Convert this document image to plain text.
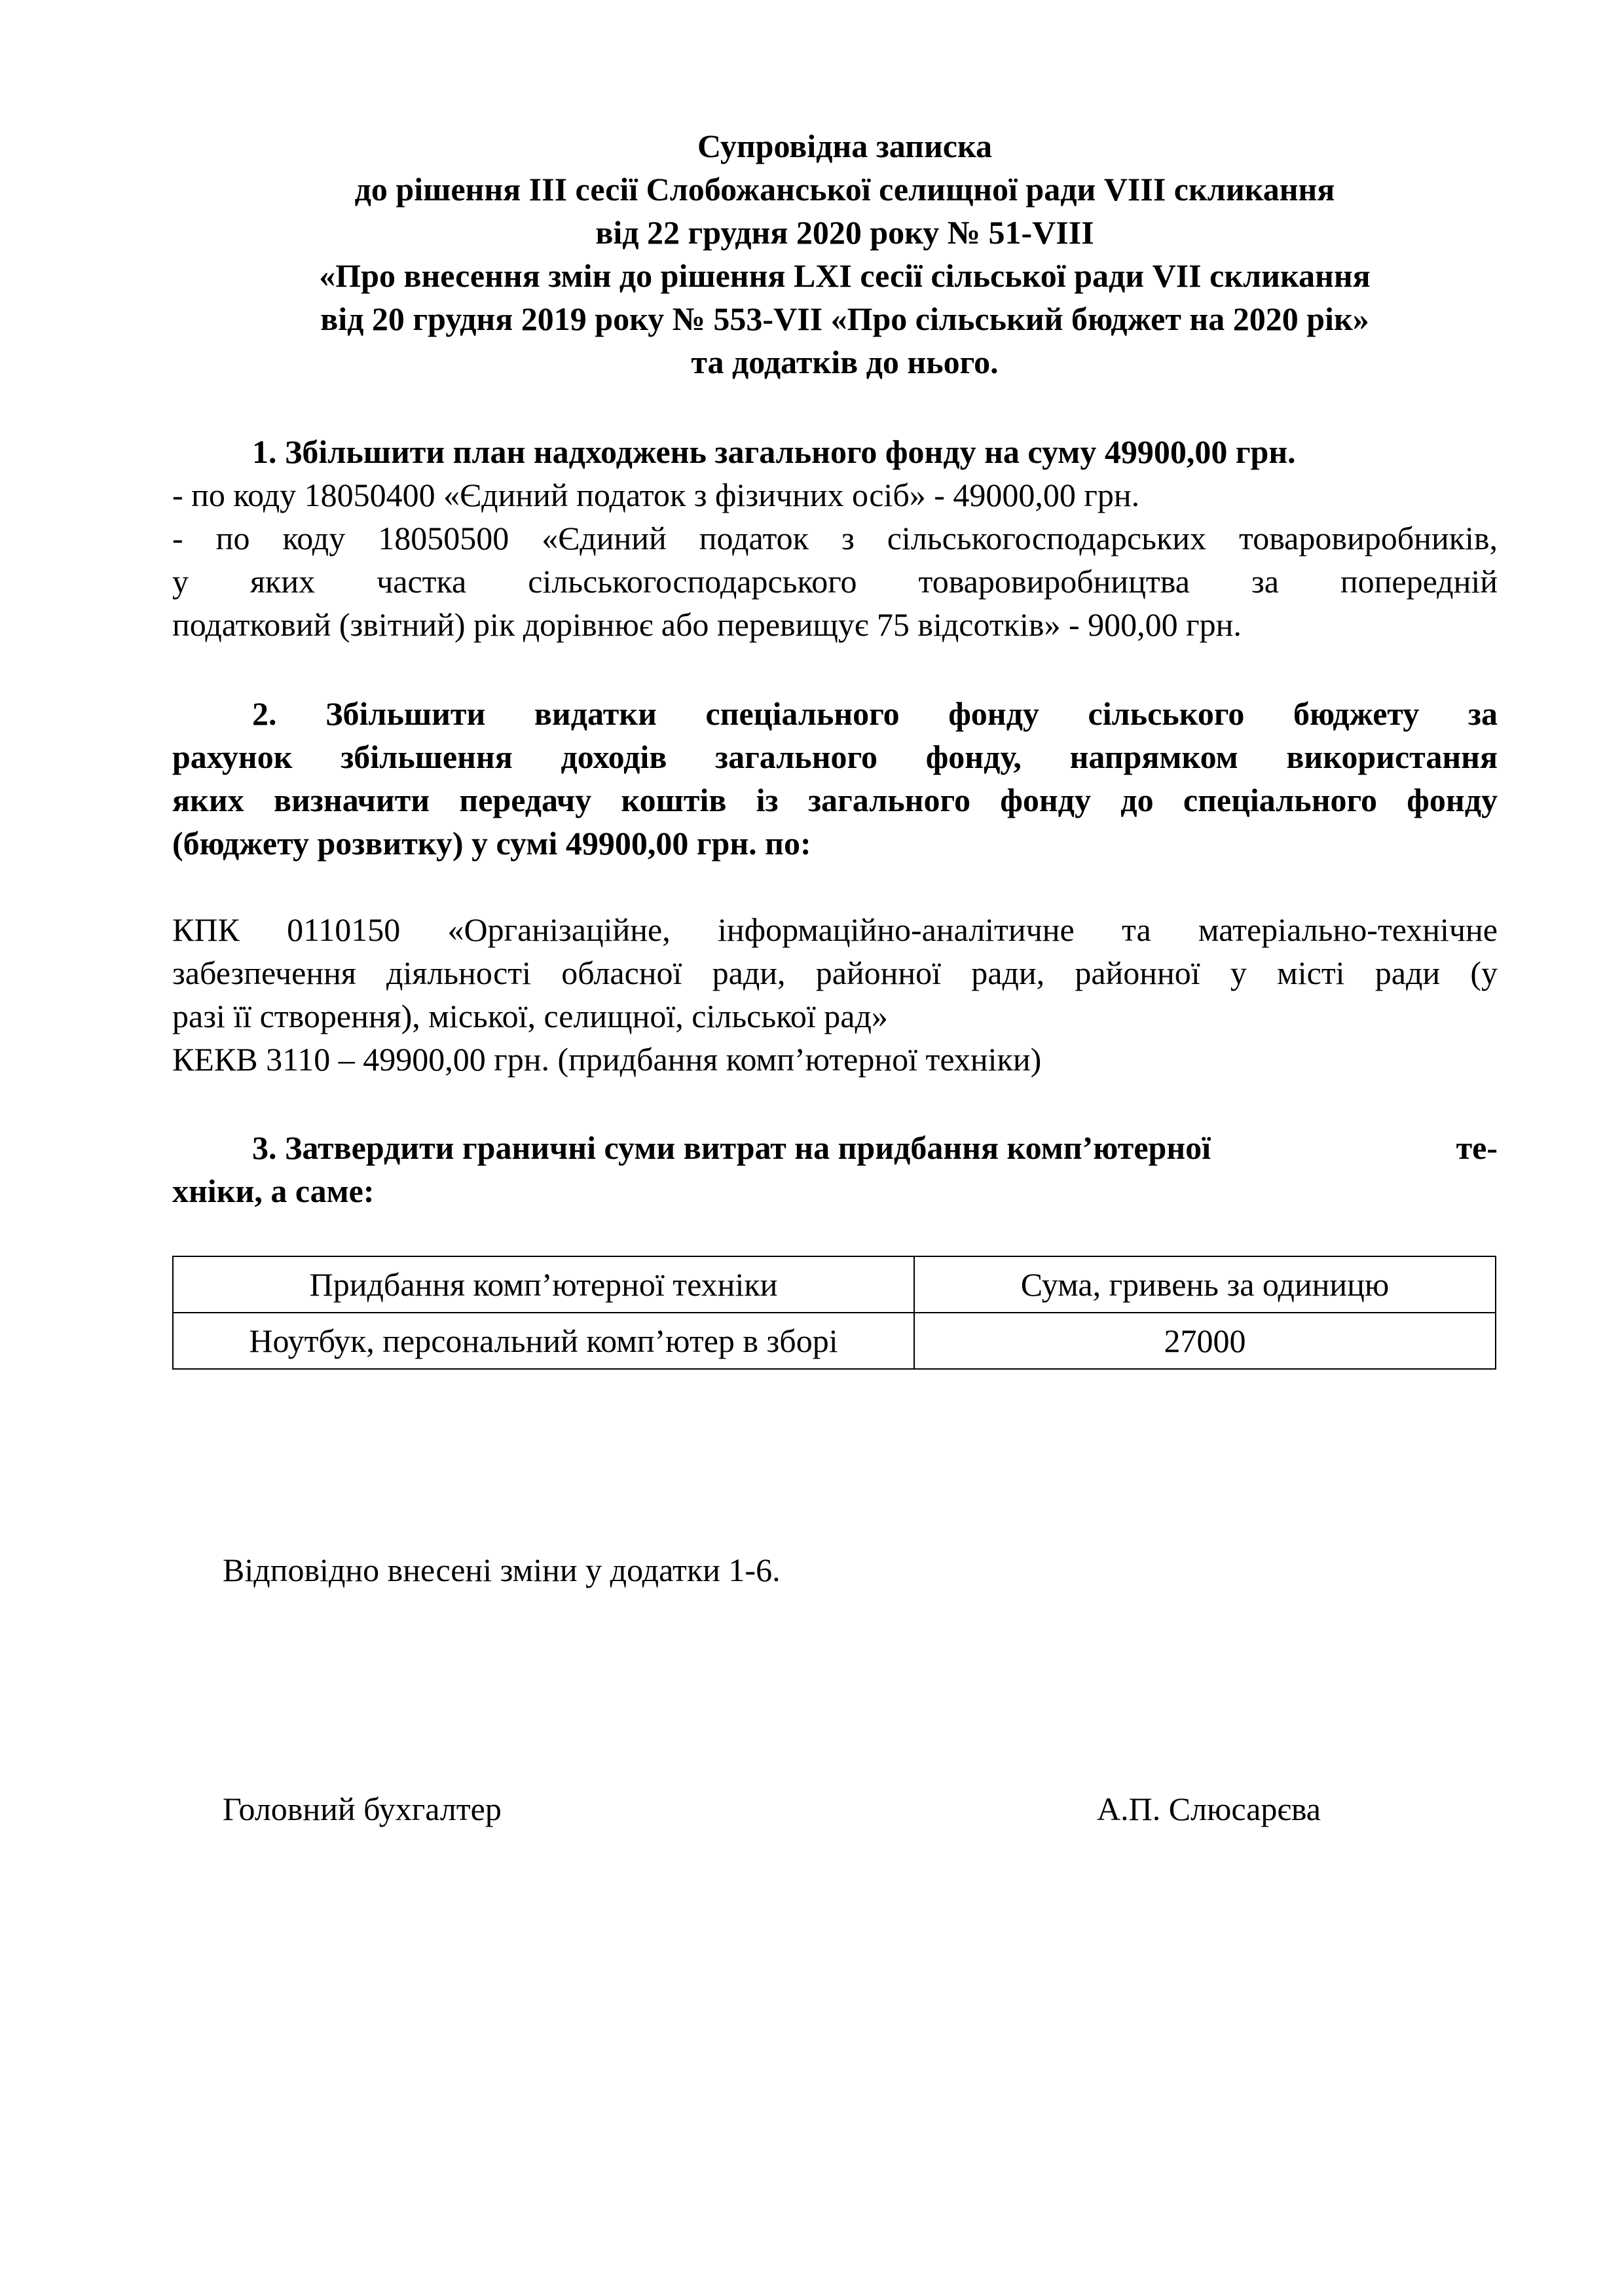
Супровідна записка
до рішення ІІІ сесії Слобожанської селищної ради VIII скликання
від 22 грудня 2020 року № 51-VIII
«Про внесення змін до рішення LXI сесії сільської ради VII скликання
від 20 грудня 2019 року № 553-VII «Про сільський бюджет на 2020 рік»
та додатків до нього.
1. Збільшити план надходжень загального фонду на суму 49900,00 грн.
- по коду 18050400 «Єдиний податок з фізичних осіб» - 49000,00 грн.
- по коду 18050500 «Єдиний податок з сільськогосподарських товаровиробників,
у яких частка сільськогосподарського товаровиробництва за попередній
податковий (звітний) рік дорівнює або перевищує 75 відсотків» - 900,00 грн.
2. Збільшити видатки спеціального фонду сільського бюджету за
рахунок збільшення доходів загального фонду, напрямком використання
яких визначити передачу коштів із загального фонду до спеціального фонду
(бюджету розвитку) у сумі 49900,00 грн. по:
КПК 0110150 «Організаційне, інформаційно-аналітичне та матеріально-технічне
забезпечення діяльності обласної ради, районної ради, районної у місті ради (у
разі її створення), міської, селищної, сільської рад»
КЕКВ 3110 – 49900,00 грн. (придбання комп’ютерної техніки)
3. Затвердити граничні суми витрат на придбання комп’ютерної	те-
хніки, а саме:
Придбання комп’ютерної техніки	Сума, гривень за одиницю
Ноутбук, персональний комп’ютер в зборі	27000
Відповідно внесені зміни у додатки 1-6.
Головний бухгалтер	А.П. Слюсарєва
